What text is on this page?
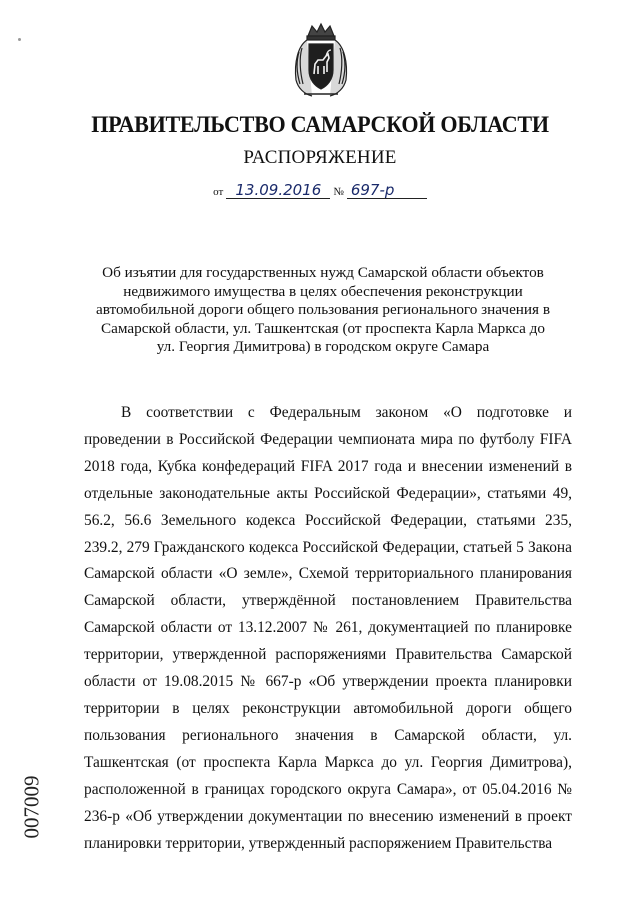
ПРАВИТЕЛЬСТВО САМАРСКОЙ ОБЛАСТИ
РАСПОРЯЖЕНИЕ
от 13.09.2016 № 697-р
Об изъятии для государственных нужд Самарской области объектов недвижимого имущества в целях обеспечения реконструкции автомобильной дороги общего пользования регионального значения в Самарской области, ул. Ташкентская (от проспекта Карла Маркса до ул. Георгия Димитрова) в городском округе Самара
В соответствии с Федеральным законом «О подготовке и проведении в Российской Федерации чемпионата мира по футболу FIFA 2018 года, Кубка конфедераций FIFA 2017 года и внесении изменений в отдельные законодательные акты Российской Федерации», статьями 49, 56.2, 56.6 Земельного кодекса Российской Федерации, статьями 235, 239.2, 279 Гражданского кодекса Российской Федерации, статьей 5 Закона Самарской области «О земле», Схемой территориального планирования Самарской области, утверждённой постановлением Правительства Самарской области от 13.12.2007 № 261, документацией по планировке территории, утвержденной распоряжениями Правительства Самарской области от 19.08.2015 № 667-р «Об утверждении проекта планировки территории в целях реконструкции автомобильной дороги общего пользования регионального значения в Самарской области, ул. Ташкентская (от проспекта Карла Маркса до ул. Георгия Димитрова), расположенной в границах городского округа Самара», от 05.04.2016 № 236-р «Об утверждении документации по внесению изменений в проект планировки территории, утвержденный распоряжением Правительства
007009
